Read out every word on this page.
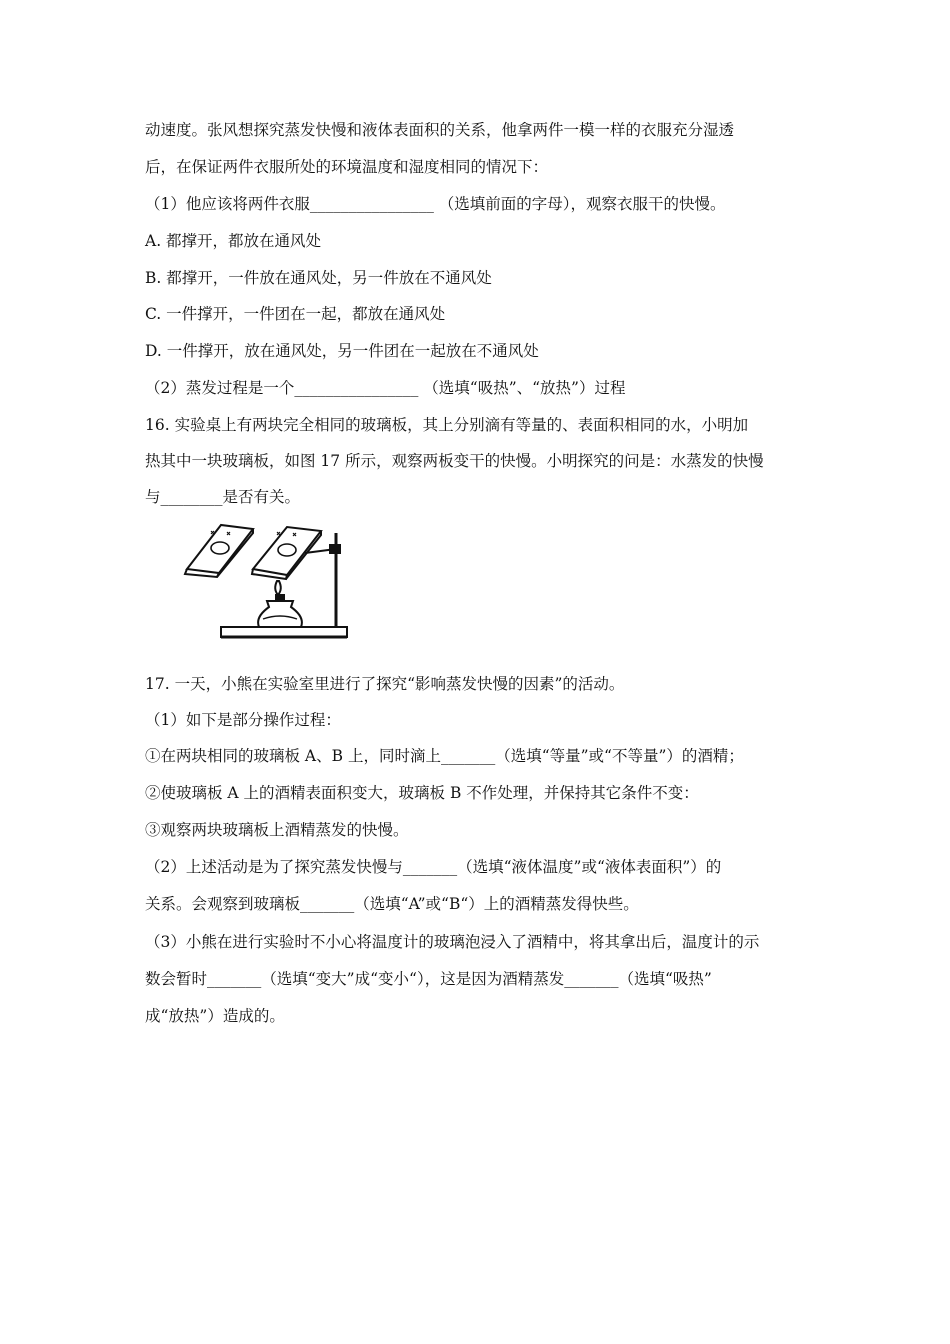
动速度。张风想探究蒸发快慢和液体表面积的关系，他拿两件一模一样的衣服充分湿透
后，在保证两件衣服所处的环境温度和湿度相同的情况下：
（1）他应该将两件衣服________________ （选填前面的字母），观察衣服干的快慢。
A. 都撑开，都放在通风处
B. 都撑开，一件放在通风处，另一件放在不通风处
C. 一件撑开，一件团在一起，都放在通风处
D. 一件撑开，放在通风处，另一件团在一起放在不通风处
（2）蒸发过程是一个________________ （选填“吸热”、“放热”）过程
16. 实验桌上有两块完全相同的玻璃板，其上分别滴有等量的、表面积相同的水，小明加
热其中一块玻璃板，如图 17 所示，观察两板变干的快慢。小明探究的问是：水蒸发的快慢
与________是否有关。
17. 一天，小熊在实验室里进行了探究“影响蒸发快慢的因素”的活动。
（1）如下是部分操作过程：
①在两块相同的玻璃板 A、B 上，同时滴上_______（选填“等量”或“不等量”）的酒精；
②使玻璃板 A 上的酒精表面积变大，玻璃板 B 不作处理，并保持其它条件不变：
③观察两块玻璃板上酒精蒸发的快慢。
（2）上述活动是为了探究蒸发快慢与_______（选填“液体温度”或“液体表面积”）的
关系。会观察到玻璃板_______（选填“A”或“B“）上的酒精蒸发得快些。
（3）小熊在进行实验时不小心将温度计的玻璃泡浸入了酒精中，将其拿出后，温度计的示
数会暂时_______（选填“变大”成“变小“），这是因为酒精蒸发_______（选填“吸热”
成“放热”）造成的。
